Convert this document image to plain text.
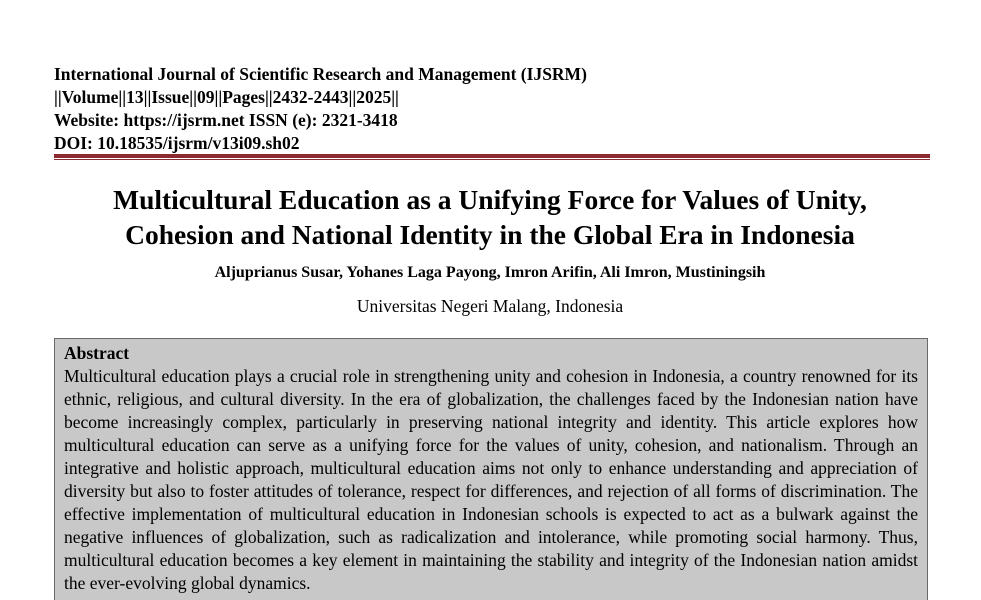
International Journal of Scientific Research and Management (IJSRM)
||Volume||13||Issue||09||Pages||2432-2443||2025||
Website: https://ijsrm.net ISSN (e): 2321-3418
DOI: 10.18535/ijsrm/v13i09.sh02
Multicultural Education as a Unifying Force for Values of Unity,
Cohesion and National Identity in the Global Era in Indonesia
Aljuprianus Susar, Yohanes Laga Payong, Imron Arifin, Ali Imron, Mustiningsih
Universitas Negeri Malang, Indonesia
Abstract

Multicultural education plays a crucial role in strengthening unity and cohesion in Indonesia, a country renowned for its ethnic, religious, and cultural diversity. In the era of globalization, the challenges faced by the Indonesian nation have become increasingly complex, particularly in preserving national integrity and identity. This article explores how multicultural education can serve as a unifying force for the values of unity, cohesion, and nationalism. Through an integrative and holistic approach, multicultural education aims not only to enhance understanding and appreciation of diversity but also to foster attitudes of tolerance, respect for differences, and rejection of all forms of discrimination. The effective implementation of multicultural education in Indonesian schools is expected to act as a bulwark against the negative influences of globalization, such as radicalization and intolerance, while promoting social harmony. Thus, multicultural education becomes a key element in maintaining the stability and integrity of the Indonesian nation amidst the ever-evolving global dynamics.
